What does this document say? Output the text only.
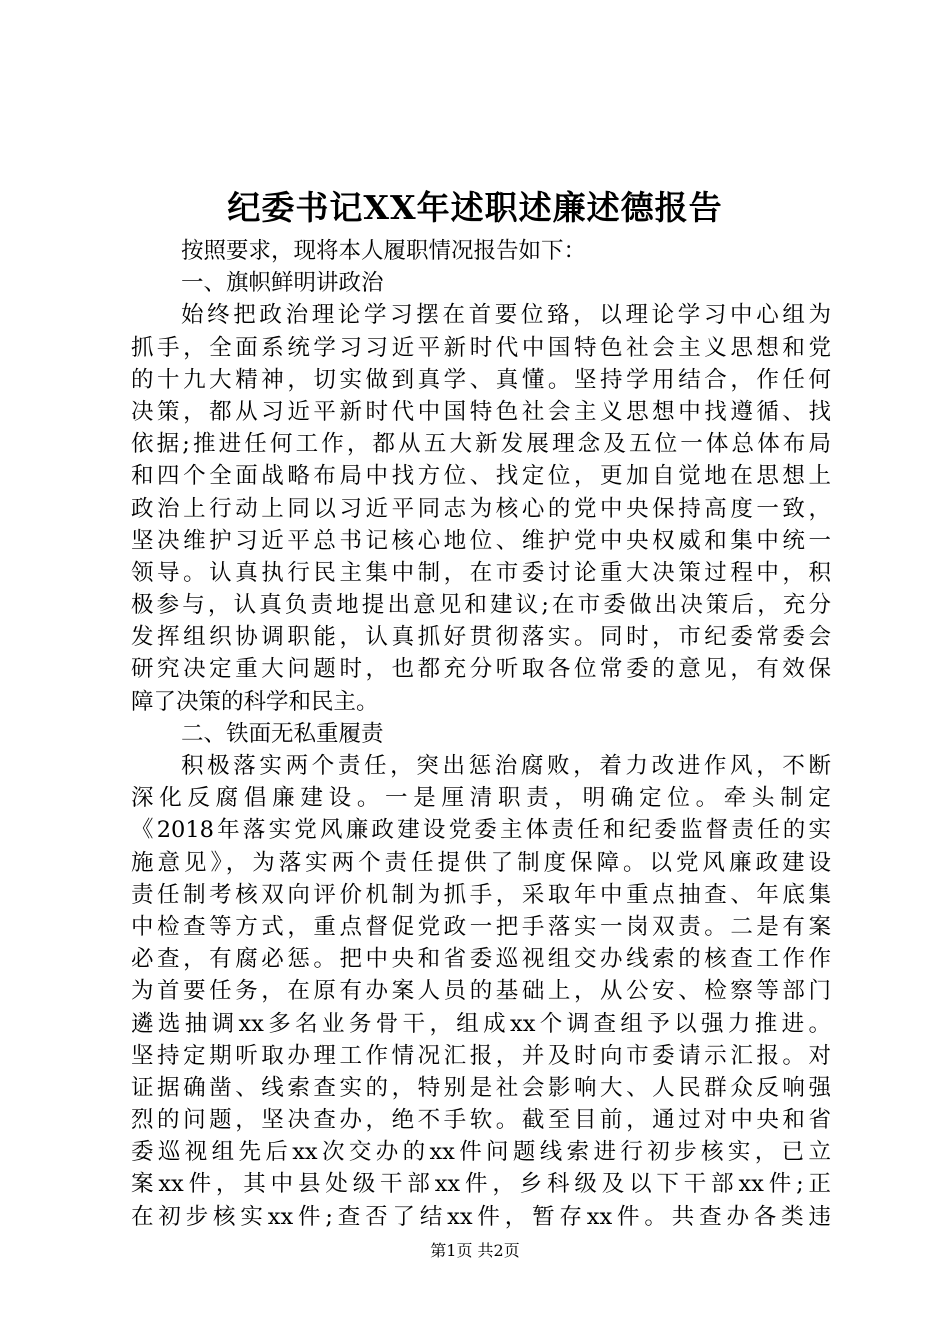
纪委书记XX年述职述廉述德报告
按照要求，现将本人履职情况报告如下：
一、旗帜鲜明讲政治
始终把政治理论学习摆在首要位臵，以理论学习中心组为
抓手，全面系统学习习近平新时代中国特色社会主义思想和党
的十九大精神，切实做到真学、真懂。坚持学用结合，作任何
决策，都从习近平新时代中国特色社会主义思想中找遵循、找
依据;推进任何工作，都从五大新发展理念及五位一体总体布局
和四个全面战略布局中找方位、找定位，更加自觉地在思想上
政治上行动上同以习近平同志为核心的党中央保持高度一致，
坚决维护习近平总书记核心地位、维护党中央权威和集中统一
领导。认真执行民主集中制，在市委讨论重大决策过程中，积
极参与，认真负责地提出意见和建议;在市委做出决策后，充分
发挥组织协调职能，认真抓好贯彻落实。同时，市纪委常委会
研究决定重大问题时，也都充分听取各位常委的意见，有效保
障了决策的科学和民主。
二、铁面无私重履责
积极落实两个责任，突出惩治腐败，着力改进作风，不断
深化反腐倡廉建设。一是厘清职责，明确定位。牵头制定
《2018年落实党风廉政建设党委主体责任和纪委监督责任的实
施意见》，为落实两个责任提供了制度保障。以党风廉政建设
责任制考核双向评价机制为抓手，采取年中重点抽查、年底集
中检查等方式，重点督促党政一把手落实一岗双责。二是有案
必查，有腐必惩。把中央和省委巡视组交办线索的核查工作作
为首要任务，在原有办案人员的基础上，从公安、检察等部门
遴选抽调xx多名业务骨干，组成xx个调查组予以强力推进。
坚持定期听取办理工作情况汇报，并及时向市委请示汇报。对
证据确凿、线索查实的，特别是社会影响大、人民群众反响强
烈的问题，坚决查办，绝不手软。截至目前，通过对中央和省
委巡视组先后xx次交办的xx件问题线索进行初步核实，已立
案xx件，其中县处级干部xx件，乡科级及以下干部xx件;正
在初步核实xx件;查否了结xx件，暂存xx件。共查办各类违
第1页 共2页
